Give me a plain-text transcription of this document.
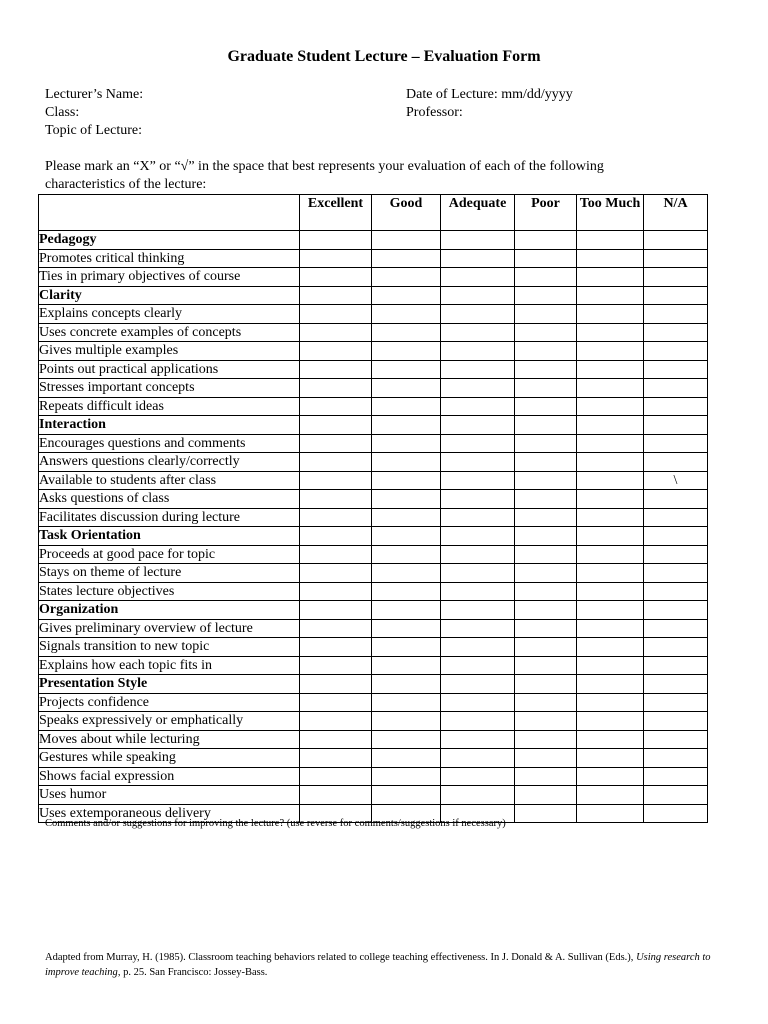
Graduate Student Lecture – Evaluation Form
Lecturer’s Name:
Class:
Topic of Lecture:
Date of Lecture: mm/dd/yyyy
Professor:
Please mark an “X” or “√” in the space that best represents your evaluation of each of the following
characteristics of the lecture:
	Excellent	Good	Adequate	Poor	Too Much	N/A
Pedagogy						
Promotes critical thinking						
Ties in primary objectives of course						
Clarity						
Explains concepts clearly						
Uses concrete examples of concepts						
Gives multiple examples						
Points out practical applications						
Stresses important concepts						
Repeats difficult ideas						
Interaction						
Encourages questions and comments						
Answers questions clearly/correctly						
Available to students after class						\
Asks questions of class						
Facilitates discussion during lecture						
Task Orientation						
Proceeds at good pace for topic						
Stays on theme of lecture						
States lecture objectives						
Organization						
Gives preliminary overview of lecture						
Signals transition to new topic						
Explains how each topic fits in						
Presentation Style						
Projects confidence						
Speaks expressively or emphatically						
Moves about while lecturing						
Gestures while speaking						
Shows facial expression						
Uses humor						
Uses extemporaneous delivery						
Comments and/or suggestions for improving the lecture? (use reverse for comments/suggestions if necessary)
Adapted from Murray, H. (1985). Classroom teaching behaviors related to college teaching effectiveness. In J. Donald & A. Sullivan (Eds.), Using research to improve teaching, p. 25. San Francisco: Jossey-Bass.
